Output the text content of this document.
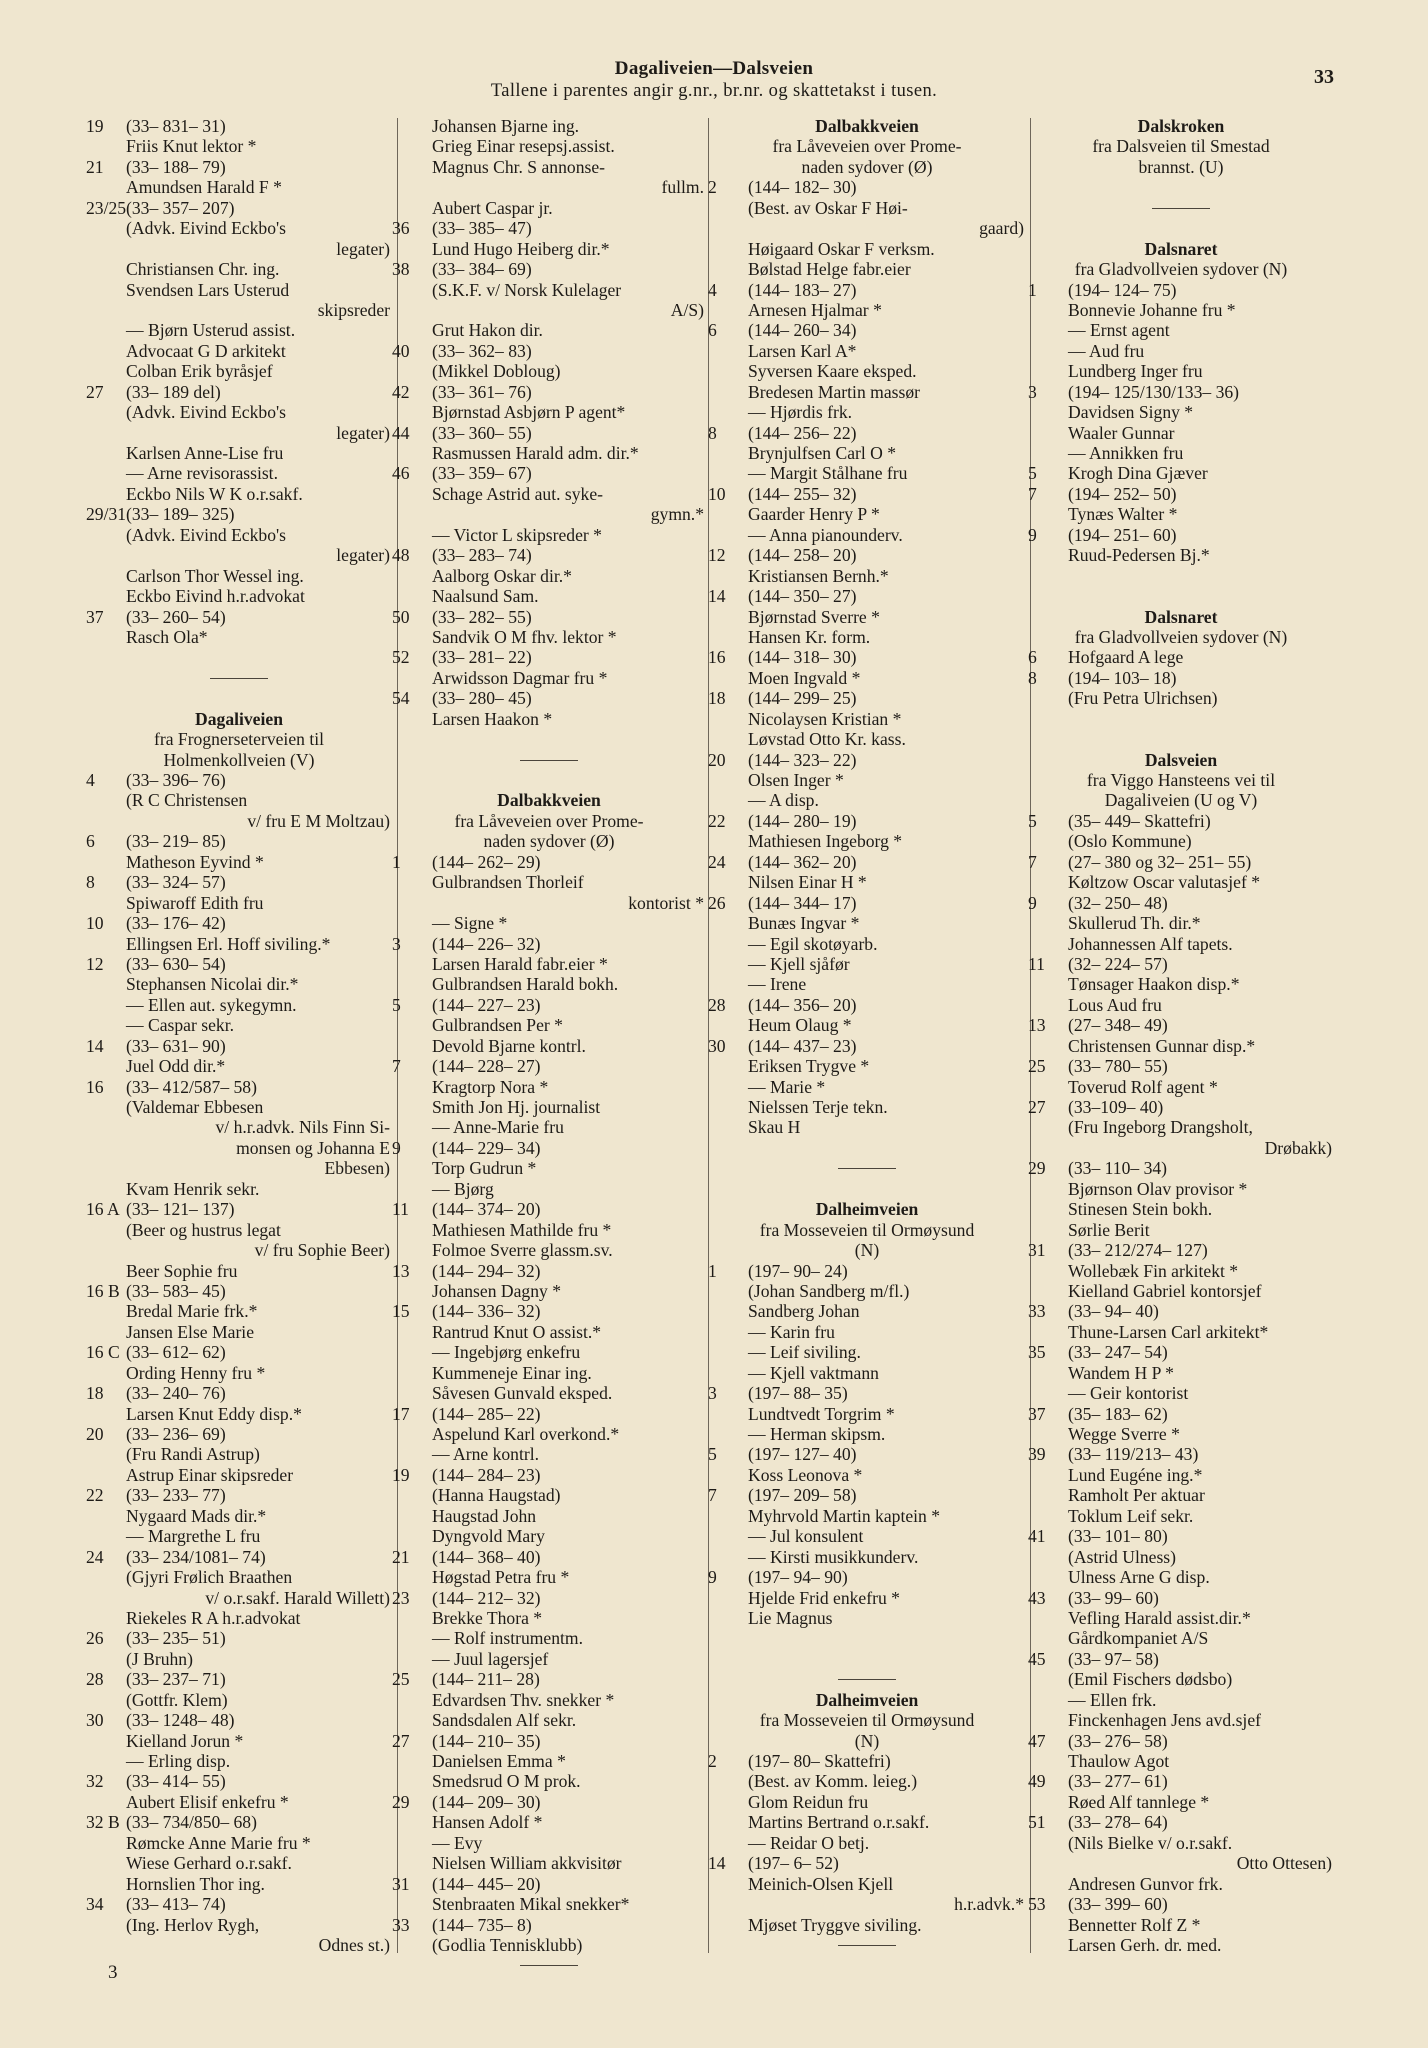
Dagaliveien—Dalsveien
Tallene i parentes angir g.nr., br.nr. og skattetakst i tusen.
33
19 (33– 831– 31)
Friis Knut lektor *
21 (33– 188– 79)
Amundsen Harald F *
23/25(33– 357– 207)
(Advk. Eivind Eckbo's
legater)
Christiansen Chr. ing.
Svendsen Lars Usterud
skipsreder
— Bjørn Usterud assist.
Advocaat G D arkitekt
Colban Erik byråsjef
27 (33– 189 del)
(Advk. Eivind Eckbo's
legater)
Karlsen Anne-Lise fru
— Arne revisorassist.
Eckbo Nils W K o.r.sakf.
29/31(33– 189– 325)
(Advk. Eivind Eckbo's
legater)
Carlson Thor Wessel ing.
Eckbo Eivind h.r.advokat
37 (33– 260– 54)
Rasch Ola*
Dagaliveien
fra Frognerseterveien til
Holmenkollveien (V)
4 (33– 396– 76)
(R C Christensen
v/ fru E M Moltzau)
6 (33– 219– 85)
Matheson Eyvind *
8 (33– 324– 57)
Spiwaroff Edith fru
10 (33– 176– 42)
Ellingsen Erl. Hoff siviling.*
12 (33– 630– 54)
Stephansen Nicolai dir.*
— Ellen aut. sykegymn.
— Caspar sekr.
14 (33– 631– 90)
Juel Odd dir.*
16 (33– 412/587– 58)
(Valdemar Ebbesen
v/ h.r.advk. Nils Finn Si-
monsen og Johanna E
Ebbesen)
Kvam Henrik sekr.
16 A (33– 121– 137)
(Beer og hustrus legat
v/ fru Sophie Beer)
Beer Sophie fru
16 B (33– 583– 45)
Bredal Marie frk.*
Jansen Else Marie
16 C (33– 612– 62)
Ording Henny fru *
18 (33– 240– 76)
Larsen Knut Eddy disp.*
20 (33– 236– 69)
(Fru Randi Astrup)
Astrup Einar skipsreder
22 (33– 233– 77)
Nygaard Mads dir.*
— Margrethe L fru
24 (33– 234/1081– 74)
(Gjyri Frølich Braathen
v/ o.r.sakf. Harald Willett)
Riekeles R A h.r.advokat
26 (33– 235– 51)
(J Bruhn)
28 (33– 237– 71)
(Gottfr. Klem)
30 (33– 1248– 48)
Kielland Jorun *
— Erling disp.
32 (33– 414– 55)
Aubert Elisif enkefru *
32 B (33– 734/850– 68)
Rømcke Anne Marie fru *
Wiese Gerhard o.r.sakf.
Hornslien Thor ing.
34 (33– 413– 74)
(Ing. Herlov Rygh,
Odnes st.)
Johansen Bjarne ing.
Grieg Einar resepsj.assist.
Magnus Chr. S annonse-
fullm.
Aubert Caspar jr.
36 (33– 385– 47)
Lund Hugo Heiberg dir.*
38 (33– 384– 69)
(S.K.F. v/ Norsk Kulelager
A/S)
Grut Hakon dir.
40 (33– 362– 83)
(Mikkel Dobloug)
42 (33– 361– 76)
Bjørnstad Asbjørn P agent*
44 (33– 360– 55)
Rasmussen Harald adm. dir.*
46 (33– 359– 67)
Schage Astrid aut. syke-
gymn.*
— Victor L skipsreder *
48 (33– 283– 74)
Aalborg Oskar dir.*
Naalsund Sam.
50 (33– 282– 55)
Sandvik O M fhv. lektor *
52 (33– 281– 22)
Arwidsson Dagmar fru *
54 (33– 280– 45)
Larsen Haakon *
Dalbakkveien
fra Låveveien over Prome-
naden sydover (Ø)
1 (144– 262– 29)
Gulbrandsen Thorleif
kontorist *
— Signe *
3 (144– 226– 32)
Larsen Harald fabr.eier *
Gulbrandsen Harald bokh.
5 (144– 227– 23)
Gulbrandsen Per *
Devold Bjarne kontrl.
7 (144– 228– 27)
Kragtorp Nora *
Smith Jon Hj. journalist
— Anne-Marie fru
9 (144– 229– 34)
Torp Gudrun *
— Bjørg
11 (144– 374– 20)
Mathiesen Mathilde fru *
Folmoe Sverre glassm.sv.
13 (144– 294– 32)
Johansen Dagny *
15 (144– 336– 32)
Rantrud Knut O assist.*
— Ingebjørg enkefru
Kummeneje Einar ing.
Såvesen Gunvald eksped.
17 (144– 285– 22)
Aspelund Karl overkond.*
— Arne kontrl.
19 (144– 284– 23)
(Hanna Haugstad)
Haugstad John
Dyngvold Mary
21 (144– 368– 40)
Høgstad Petra fru *
23 (144– 212– 32)
Brekke Thora *
— Rolf instrumentm.
— Juul lagersjef
25 (144– 211– 28)
Edvardsen Thv. snekker *
Sandsdalen Alf sekr.
27 (144– 210– 35)
Danielsen Emma *
Smedsrud O M prok.
29 (144– 209– 30)
Hansen Adolf *
— Evy
Nielsen William akkvisitør
31 (144– 445– 20)
Stenbraaten Mikal snekker*
33 (144– 735– 8)
(Godlia Tennisklubb)
Dalbakkveien
fra Låveveien over Prome-
naden sydover (Ø)
2 (144– 182– 30)
(Best. av Oskar F Høi-
gaard)
Høigaard Oskar F verksm.
Bølstad Helge fabr.eier
4 (144– 183– 27)
Arnesen Hjalmar *
6 (144– 260– 34)
Larsen Karl A*
Syversen Kaare eksped.
Bredesen Martin massør
— Hjørdis frk.
8 (144– 256– 22)
Brynjulfsen Carl O *
— Margit Stålhane fru
10 (144– 255– 32)
Gaarder Henry P *
— Anna pianounderv.
12 (144– 258– 20)
Kristiansen Bernh.*
14 (144– 350– 27)
Bjørnstad Sverre *
Hansen Kr. form.
16 (144– 318– 30)
Moen Ingvald *
18 (144– 299– 25)
Nicolaysen Kristian *
Løvstad Otto Kr. kass.
20 (144– 323– 22)
Olsen Inger *
— A disp.
22 (144– 280– 19)
Mathiesen Ingeborg *
24 (144– 362– 20)
Nilsen Einar H *
26 (144– 344– 17)
Bunæs Ingvar *
— Egil skotøyarb.
— Kjell sjåfør
— Irene
28 (144– 356– 20)
Heum Olaug *
30 (144– 437– 23)
Eriksen Trygve *
— Marie *
Nielssen Terje tekn.
Skau H
Dalheimveien
fra Mosseveien til Ormøysund
(N)
1 (197– 90– 24)
(Johan Sandberg m/fl.)
Sandberg Johan
— Karin fru
— Leif siviling.
— Kjell vaktmann
3 (197– 88– 35)
Lundtvedt Torgrim *
— Herman skipsm.
5 (197– 127– 40)
Koss Leonova *
7 (197– 209– 58)
Myhrvold Martin kaptein *
— Jul konsulent
— Kirsti musikkunderv.
9 (197– 94– 90)
Hjelde Frid enkefru *
Lie Magnus
Dalheimveien
fra Mosseveien til Ormøysund
(N)
2 (197– 80– Skattefri)
(Best. av Komm. leieg.)
Glom Reidun fru
Martins Bertrand o.r.sakf.
— Reidar O betj.
14 (197– 6– 52)
Meinich-Olsen Kjell
h.r.advk.*
Mjøset Tryggve siviling.
Dalskroken
fra Dalsveien til Smestad
brannst. (U)
Dalsnaret
fra Gladvollveien sydover (N)
1 (194– 124– 75)
Bonnevie Johanne fru *
— Ernst agent
— Aud fru
Lundberg Inger fru
3 (194– 125/130/133– 36)
Davidsen Signy *
Waaler Gunnar
— Annikken fru
5 Krogh Dina Gjæver
7 (194– 252– 50)
Tynæs Walter *
9 (194– 251– 60)
Ruud-Pedersen Bj.*
Dalsnaret
fra Gladvollveien sydover (N)
6 Hofgaard A lege
8 (194– 103– 18)
(Fru Petra Ulrichsen)
Dalsveien
fra Viggo Hansteens vei til
Dagaliveien (U og V)
5 (35– 449– Skattefri)
(Oslo Kommune)
7 (27– 380 og 32– 251– 55)
Køltzow Oscar valutasjef *
9 (32– 250– 48)
Skullerud Th. dir.*
Johannessen Alf tapets.
11 (32– 224– 57)
Tønsager Haakon disp.*
Lous Aud fru
13 (27– 348– 49)
Christensen Gunnar disp.*
25 (33– 780– 55)
Toverud Rolf agent *
27 (33–109– 40)
(Fru Ingeborg Drangsholt,
Drøbakk)
29 (33– 110– 34)
Bjørnson Olav provisor *
Stinesen Stein bokh.
Sørlie Berit
31 (33– 212/274– 127)
Wollebæk Fin arkitekt *
Kielland Gabriel kontorsjef
33 (33– 94– 40)
Thune-Larsen Carl arkitekt*
35 (33– 247– 54)
Wandem H P *
— Geir kontorist
37 (35– 183– 62)
Wegge Sverre *
39 (33– 119/213– 43)
Lund Eugéne ing.*
Ramholt Per aktuar
Toklum Leif sekr.
41 (33– 101– 80)
(Astrid Ulness)
Ulness Arne G disp.
43 (33– 99– 60)
Vefling Harald assist.dir.*
Gårdkompaniet A/S
45 (33– 97– 58)
(Emil Fischers dødsbo)
— Ellen frk.
Finckenhagen Jens avd.sjef
47 (33– 276– 58)
Thaulow Agot
49 (33– 277– 61)
Røed Alf tannlege *
51 (33– 278– 64)
(Nils Bielke v/ o.r.sakf.
Otto Ottesen)
Andresen Gunvor frk.
53 (33– 399– 60)
Bennetter Rolf Z *
Larsen Gerh. dr. med.
3
